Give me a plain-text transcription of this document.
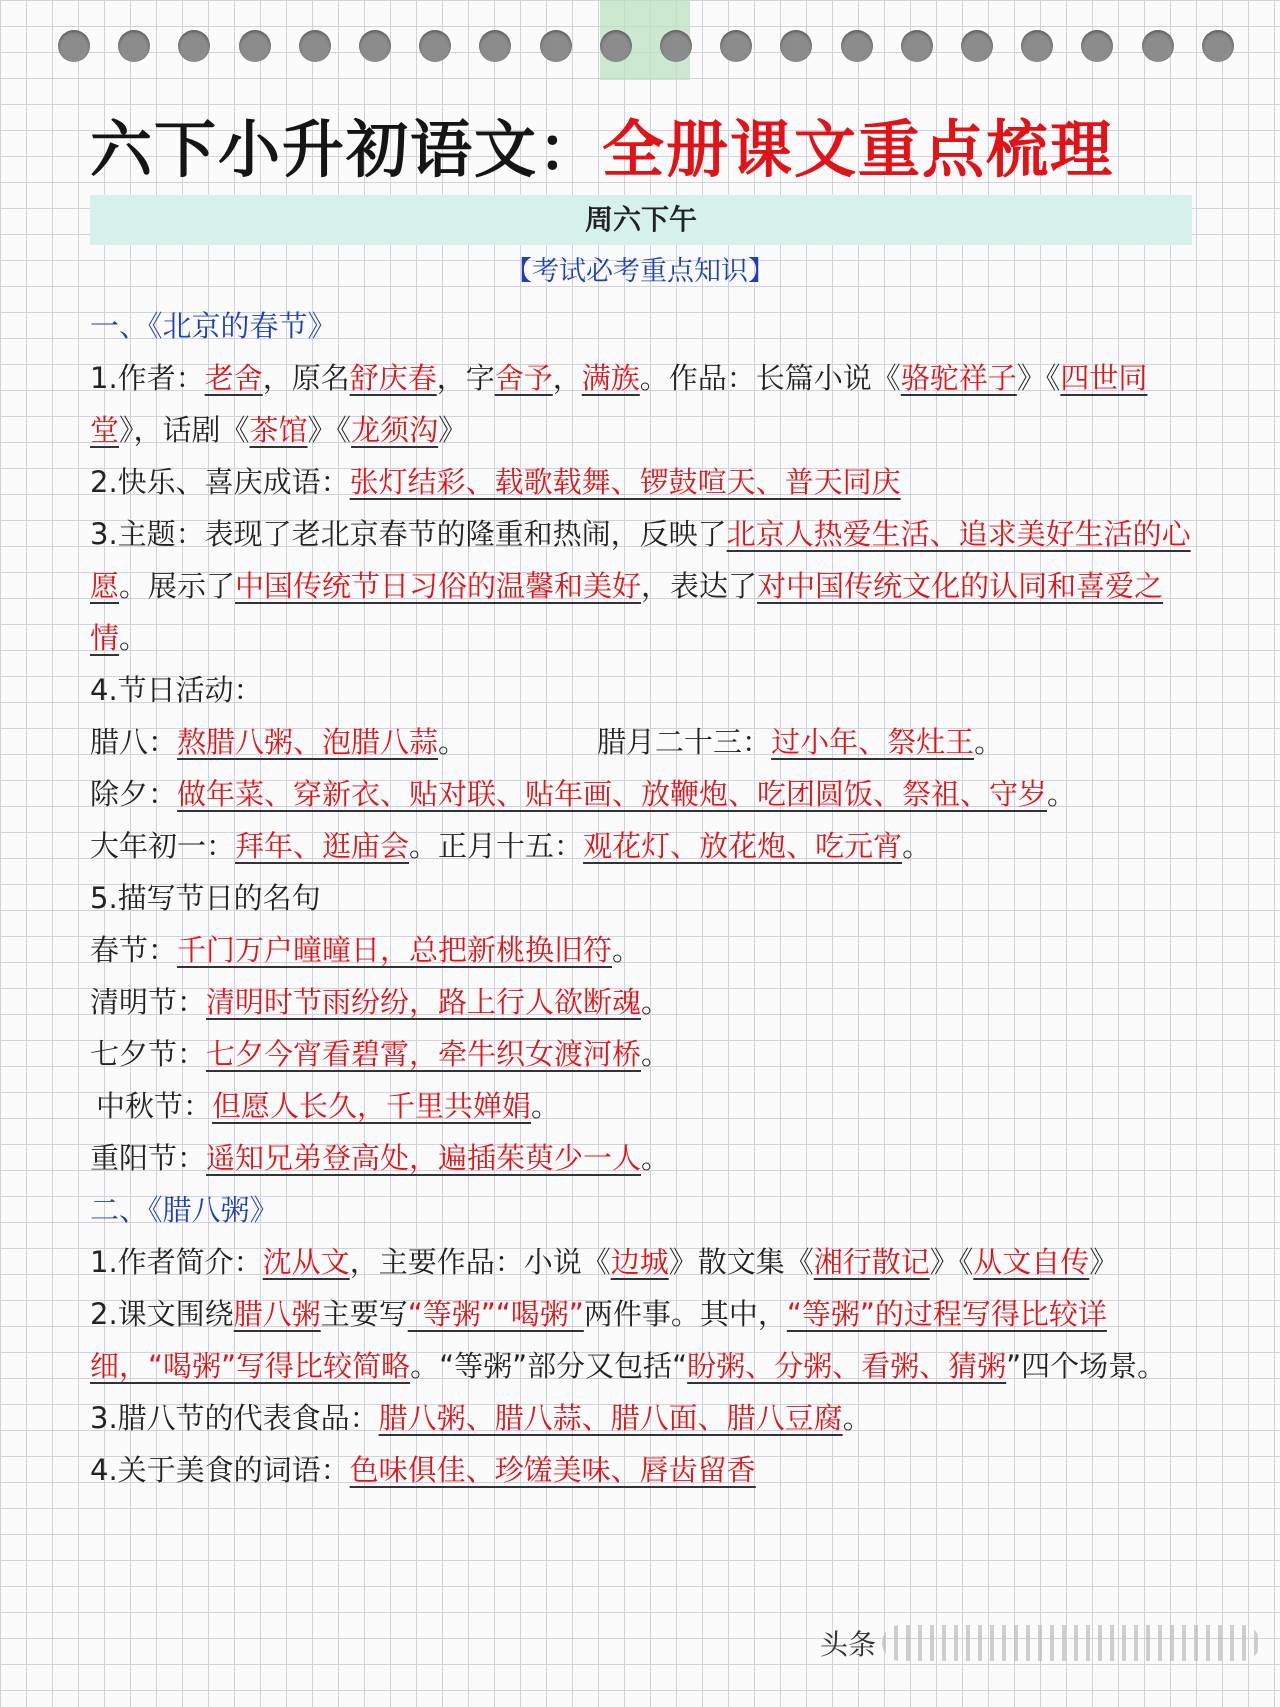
六下小升初语文：全册课文重点梳理
周六下午
【考试必考重点知识】

一、《北京的春节》

1.作者：老舍，原名舒庆春，字舍予，满族。作品：长篇小说《骆驼祥子》《四世同堂》，话剧《茶馆》《龙须沟》

2.快乐、喜庆成语：张灯结彩、载歌载舞、锣鼓喧天、普天同庆

3.主题：表现了老北京春节的隆重和热闹，反映了北京人热爱生活、追求美好生活的心愿。展示了中国传统节日习俗的温馨和美好，表达了对中国传统文化的认同和喜爱之情。

4.节日活动：

腊八：熬腊八粥、泡腊八蒜。	腊月二十三：过小年、祭灶王。

除夕：做年菜、穿新衣、贴对联、贴年画、放鞭炮、吃团圆饭、祭祖、守岁。

大年初一：拜年、逛庙会。正月十五：观花灯、放花炮、吃元宵。

5.描写节日的名句

春节：千门万户曈曈日，总把新桃换旧符。

清明节：清明时节雨纷纷，路上行人欲断魂。

七夕节：七夕今宵看碧霄，牵牛织女渡河桥。

中秋节：但愿人长久，千里共婵娟。

重阳节：遥知兄弟登高处，遍插茱萸少一人。

二、《腊八粥》

1.作者简介：沈从文，主要作品：小说《边城》散文集《湘行散记》《从文自传》

2.课文围绕腊八粥主要写“等粥”“喝粥”两件事。其中，“等粥”的过程写得比较详细，“喝粥”写得比较简略。“等粥”部分又包括“盼粥、分粥、看粥、猜粥”四个场景。

3.腊八节的代表食品：腊八粥、腊八蒜、腊八面、腊八豆腐。

4.关于美食的词语：色味俱佳、珍馐美味、唇齿留香

头条
